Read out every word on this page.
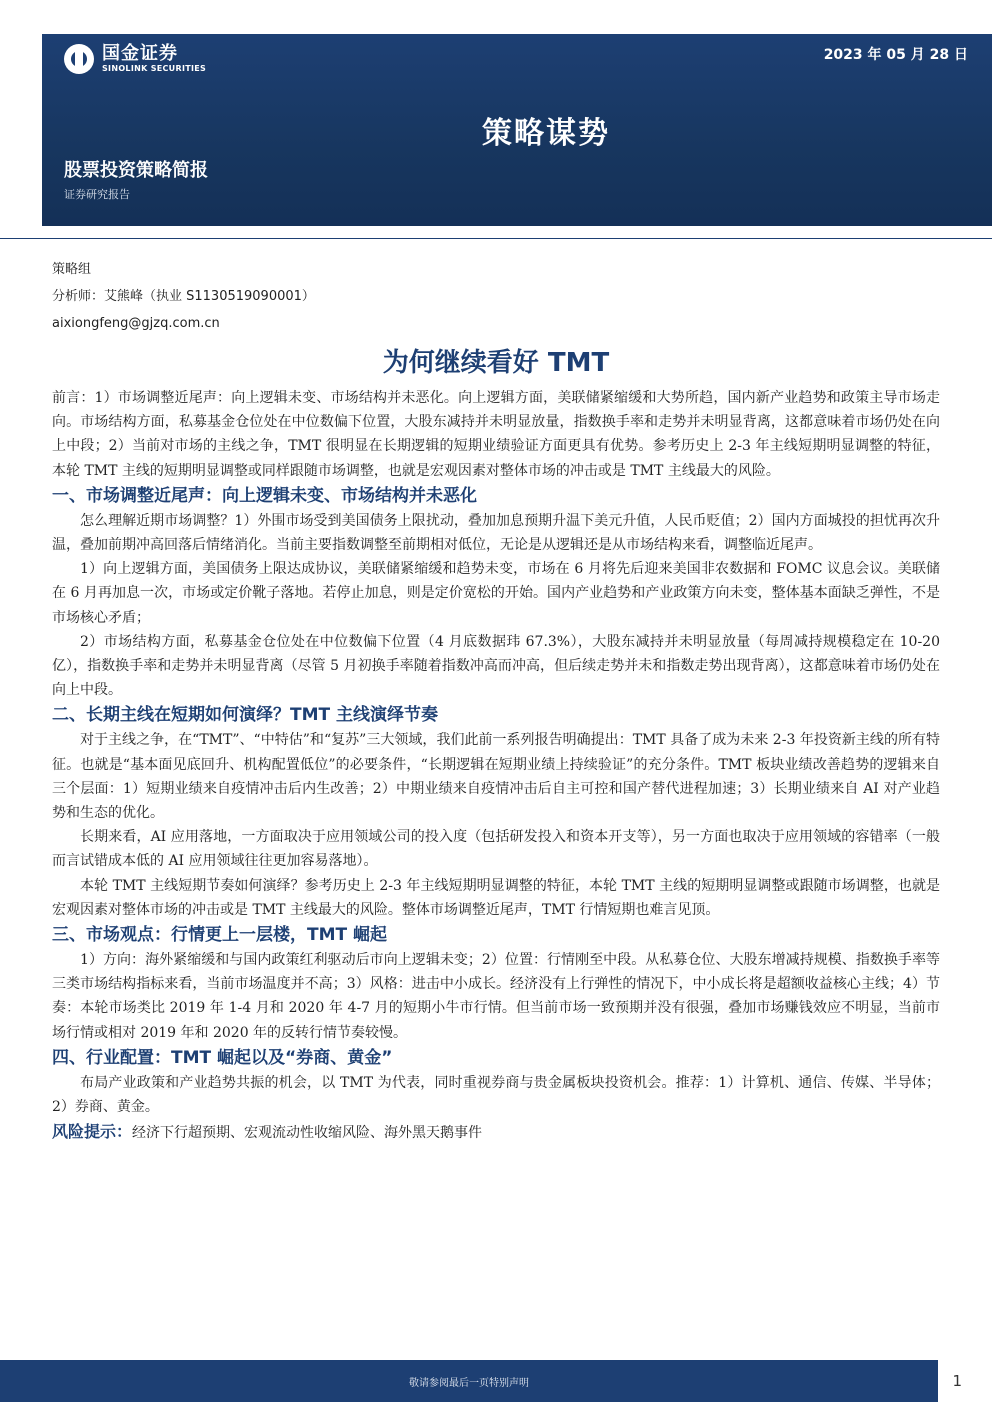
国金证券
SINOLINK SECURITIES
2023 年 05 月 28 日
策略谋势
股票投资策略简报
证券研究报告
策略组
分析师：艾熊峰（执业 S1130519090001）
aixiongfeng@gjzq.com.cn
为何继续看好 TMT

前言：1）市场调整近尾声：向上逻辑未变、市场结构并未恶化。向上逻辑方面，美联储紧缩缓和大势所趋，国内新产业趋势和政策主导市场走向。市场结构方面，私募基金仓位处在中位数偏下位置，大股东减持并未明显放量，指数换手率和走势并未明显背离，这都意味着市场仍处在向上中段；2）当前对市场的主线之争，TMT 很明显在长期逻辑的短期业绩验证方面更具有优势。参考历史上 2-3 年主线短期明显调整的特征，本轮 TMT 主线的短期明显调整或同样跟随市场调整，也就是宏观因素对整体市场的冲击或是 TMT 主线最大的风险。

一、市场调整近尾声：向上逻辑未变、市场结构并未恶化

怎么理解近期市场调整？1）外围市场受到美国债务上限扰动，叠加加息预期升温下美元升值，人民币贬值；2）国内方面城投的担忧再次升温，叠加前期冲高回落后情绪消化。当前主要指数调整至前期相对低位，无论是从逻辑还是从市场结构来看，调整临近尾声。

1）向上逻辑方面，美国债务上限达成协议，美联储紧缩缓和趋势未变，市场在 6 月将先后迎来美国非农数据和 FOMC 议息会议。美联储在 6 月再加息一次，市场或定价靴子落地。若停止加息，则是定价宽松的开始。国内产业趋势和产业政策方向未变，整体基本面缺乏弹性，不是市场核心矛盾；

2）市场结构方面，私募基金仓位处在中位数偏下位置（4 月底数据玮 67.3%），大股东减持并未明显放量（每周减持规模稳定在 10-20 亿），指数换手率和走势并未明显背离（尽管 5 月初换手率随着指数冲高而冲高，但后续走势并未和指数走势出现背离），这都意味着市场仍处在向上中段。

二、长期主线在短期如何演绎？TMT 主线演绎节奏

对于主线之争，在“TMT”、“中特估”和“复苏”三大领域，我们此前一系列报告明确提出：TMT 具备了成为未来 2-3 年投资新主线的所有特征。也就是“基本面见底回升、机构配置低位”的必要条件，“长期逻辑在短期业绩上持续验证”的充分条件。TMT 板块业绩改善趋势的逻辑来自三个层面：1）短期业绩来自疫情冲击后内生改善；2）中期业绩来自疫情冲击后自主可控和国产替代进程加速；3）长期业绩来自 AI 对产业趋势和生态的优化。

长期来看，AI 应用落地，一方面取决于应用领域公司的投入度（包括研发投入和资本开支等），另一方面也取决于应用领域的容错率（一般而言试错成本低的 AI 应用领域往往更加容易落地）。

本轮 TMT 主线短期节奏如何演绎？参考历史上 2-3 年主线短期明显调整的特征，本轮 TMT 主线的短期明显调整或跟随市场调整，也就是宏观因素对整体市场的冲击或是 TMT 主线最大的风险。整体市场调整近尾声，TMT 行情短期也难言见顶。

三、市场观点：行情更上一层楼，TMT 崛起

1）方向：海外紧缩缓和与国内政策红利驱动后市向上逻辑未变；2）位置：行情刚至中段。从私募仓位、大股东增减持规模、指数换手率等三类市场结构指标来看，当前市场温度并不高；3）风格：进击中小成长。经济没有上行弹性的情况下，中小成长将是超额收益核心主线；4）节奏：本轮市场类比 2019 年 1-4 月和 2020 年 4-7 月的短期小牛市行情。但当前市场一致预期并没有很强，叠加市场赚钱效应不明显，当前市场行情或相对 2019 年和 2020 年的反转行情节奏较慢。

四、行业配置：TMT 崛起以及“券商、黄金”

布局产业政策和产业趋势共振的机会，以 TMT 为代表，同时重视券商与贵金属板块投资机会。推荐：1）计算机、通信、传媒、半导体；2）券商、黄金。

风险提示：经济下行超预期、宏观流动性收缩风险、海外黑天鹅事件
敬请参阅最后一页特别声明	1
